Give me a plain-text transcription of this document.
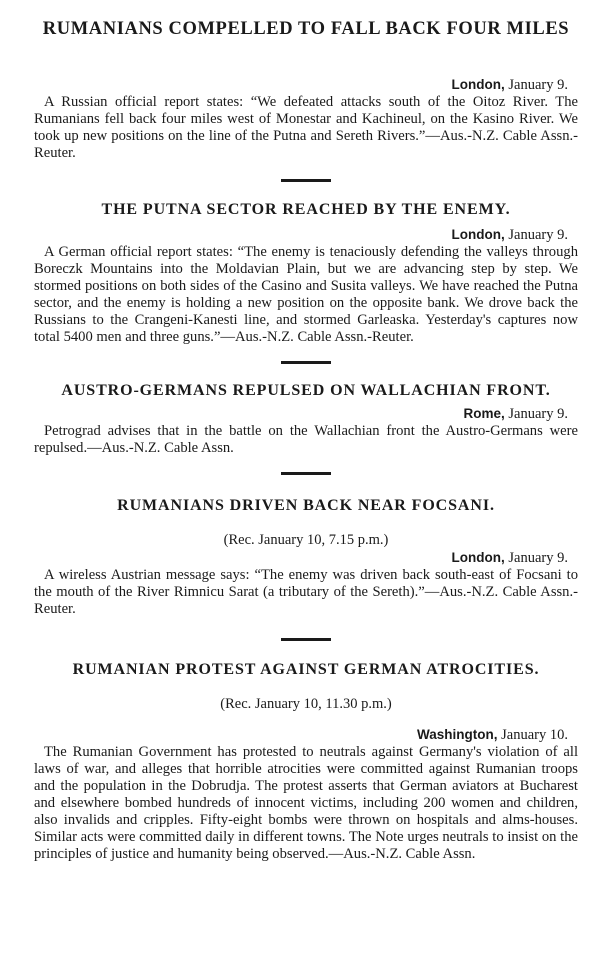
RUMANIANS COMPELLED TO FALL BACK FOUR MILES
London, January 9.

A Russian official report states: “We defeated attacks south of the Oitoz River. The Rumanians fell back four miles west of Monestar and Kachineul, on the Kasino River. We took up new positions on the line of the Putna and Sereth Rivers.”—Aus.-N.Z. Cable Assn.-Reuter.

THE PUTNA SECTOR REACHED BY THE ENEMY.
London, January 9.

A German official report states: “The enemy is tenaciously defending the valleys through Boreczk Mountains into the Moldavian Plain, but we are advancing step by step. We stormed positions on both sides of the Casino and Susita valleys. We have reached the Putna sector, and the enemy is holding a new position on the opposite bank. We drove back the Russians to the Crangeni-Kanesti line, and stormed Garleaska. Yesterday's captures now total 5400 men and three guns.”—Aus.-N.Z. Cable Assn.-Reuter.

AUSTRO-GERMANS REPULSED ON WALLACHIAN FRONT.
Rome, January 9.

Petrograd advises that in the battle on the Wallachian front the Austro-Germans were repulsed.—Aus.-N.Z. Cable Assn.

RUMANIANS DRIVEN BACK NEAR FOCSANI.

(Rec. January 10, 7.15 p.m.)

London, January 9.

A wireless Austrian message says: “The enemy was driven back south-east of Focsani to the mouth of the River Rimnicu Sarat (a tributary of the Sereth).”—Aus.-N.Z. Cable Assn.-Reuter.

RUMANIAN PROTEST AGAINST GERMAN ATROCITIES.

(Rec. January 10, 11.30 p.m.)

Washington, January 10.

The Rumanian Government has protested to neutrals against Germany's violation of all laws of war, and alleges that horrible atrocities were committed against Rumanian troops and the population in the Dobrudja. The protest asserts that German aviators at Bucharest and elsewhere bombed hundreds of innocent victims, including 200 women and children, also invalids and cripples. Fifty-eight bombs were thrown on hospitals and alms-houses. Similar acts were committed daily in different towns. The Note urges neutrals to insist on the principles of justice and humanity being observed.—Aus.-N.Z. Cable Assn.
